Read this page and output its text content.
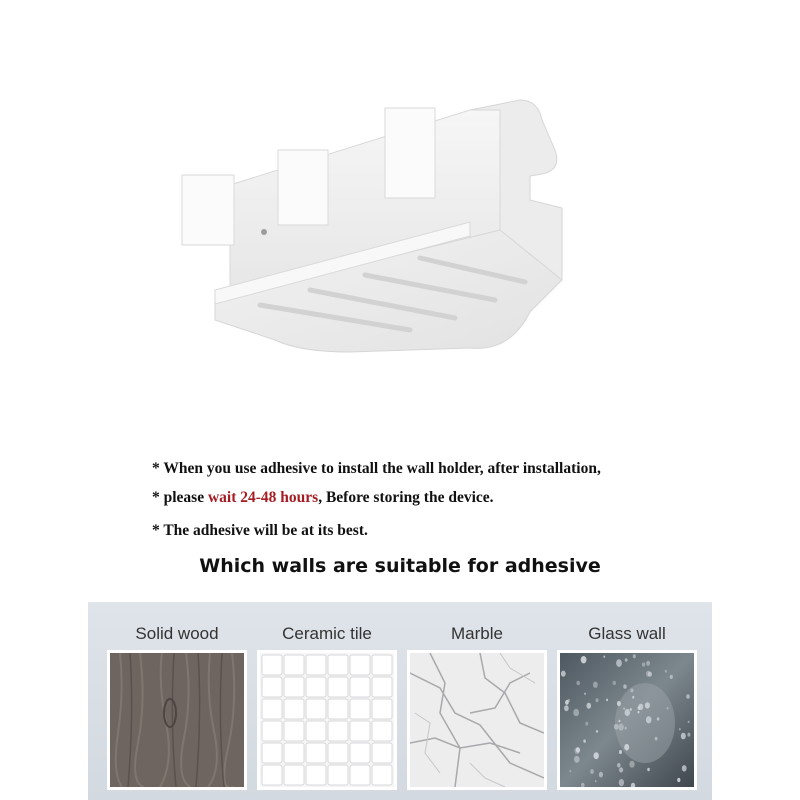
* When you use adhesive to install the wall holder, after installation,
* please wait 24-48 hours, Before storing the device.
* The adhesive will be at its best.
Which walls are suitable for adhesive
Solid wood	Ceramic tile	Marble	Glass wall
